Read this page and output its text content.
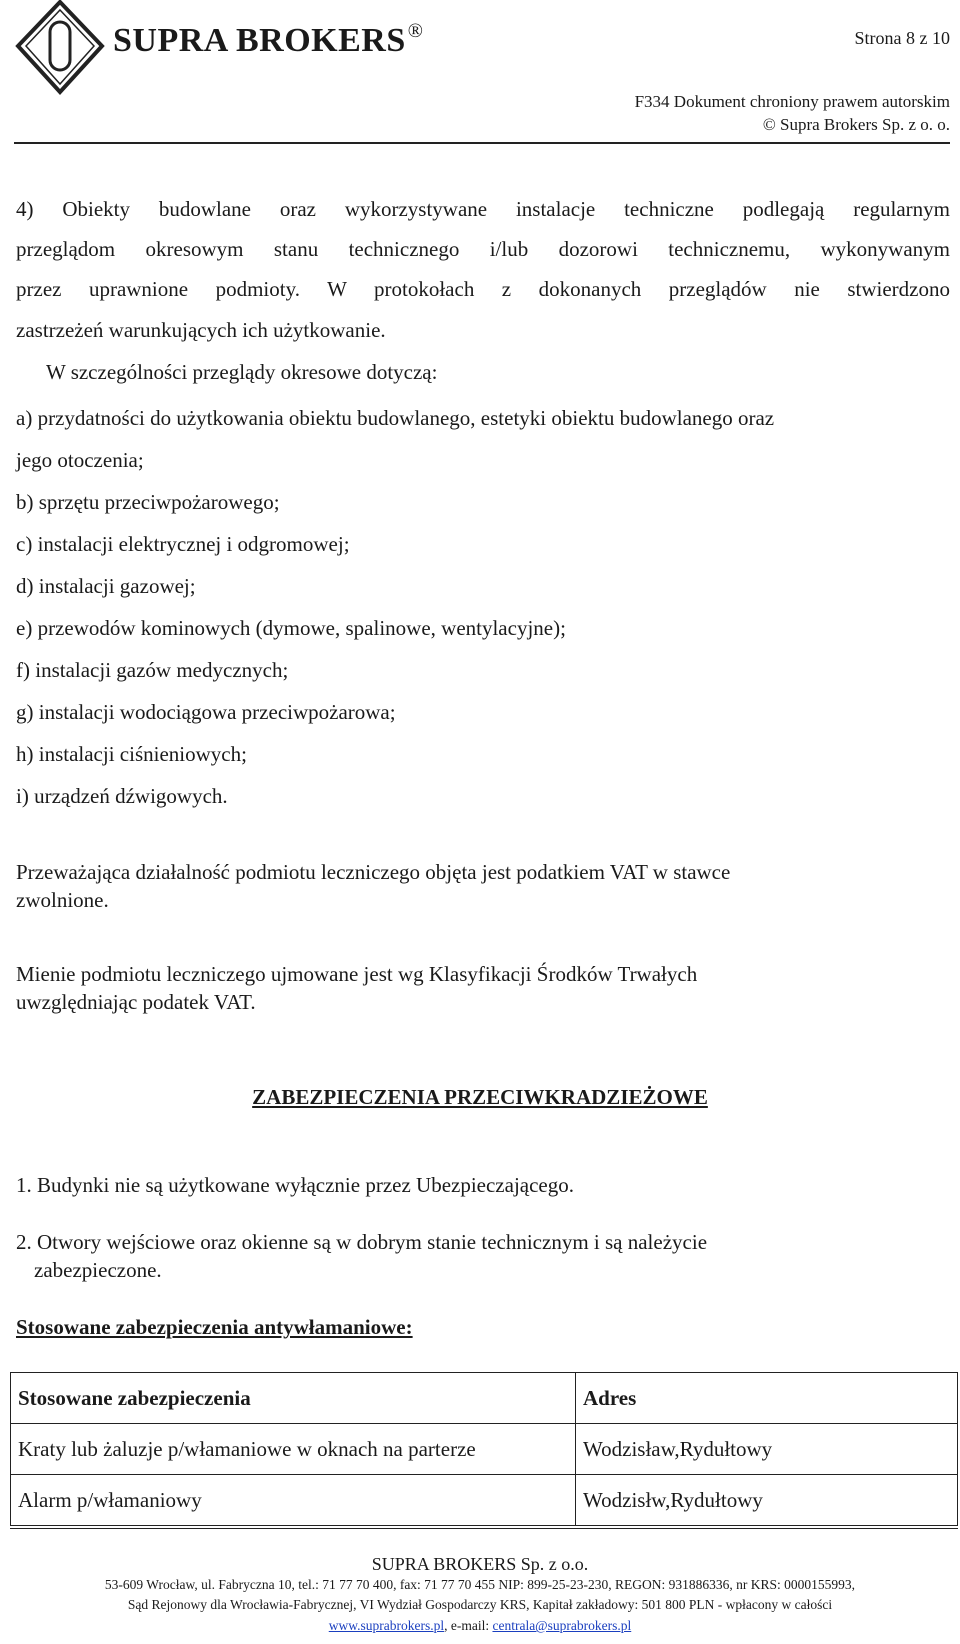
SUPRA BROKERS ®	Strona 8 z 10
F334 Dokument chroniony prawem autorskim
© Supra Brokers Sp. z o. o.
4) Obiekty budowlane oraz wykorzystywane instalacje techniczne podlegają regularnym
przeglądom okresowym stanu technicznego i/lub dozorowi technicznemu, wykonywanym
przez uprawnione podmioty. W protokołach z dokonanych przeglądów nie stwierdzono
zastrzeżeń warunkujących ich użytkowanie.
W szczególności przeglądy okresowe dotyczą:
a) przydatności do użytkowania obiektu budowlanego, estetyki obiektu budowlanego oraz
jego otoczenia;
b) sprzętu przeciwpożarowego;
c) instalacji elektrycznej i odgromowej;
d) instalacji gazowej;
e) przewodów kominowych (dymowe, spalinowe, wentylacyjne);
f) instalacji gazów medycznych;
g) instalacji wodociągowa przeciwpożarowa;
h) instalacji ciśnieniowych;
i) urządzeń dźwigowych.
Przeważająca działalność podmiotu leczniczego objęta jest podatkiem VAT w stawce
zwolnione.
Mienie podmiotu leczniczego ujmowane jest wg Klasyfikacji Środków Trwałych
uwzględniając podatek VAT.
ZABEZPIECZENIA PRZECIWKRADZIEŻOWE
1. Budynki nie są użytkowane wyłącznie przez Ubezpieczającego.
2. Otwory wejściowe oraz okienne są w dobrym stanie technicznym i są należycie
zabezpieczone.
Stosowane zabezpieczenia antywłamaniowe:
Stosowane zabezpieczenia	Adres
Kraty lub żaluzje p/włamaniowe w oknach na parterze	Wodzisław,Rydułtowy
Alarm p/włamaniowy	Wodzisłw,Rydułtowy
SUPRA BROKERS Sp. z o.o.
53-609 Wrocław, ul. Fabryczna 10, tel.: 71 77 70 400, fax: 71 77 70 455 NIP: 899-25-23-230, REGON: 931886336, nr KRS: 0000155993,
Sąd Rejonowy dla Wrocławia-Fabrycznej, VI Wydział Gospodarczy KRS, Kapitał zakładowy: 501 800 PLN - wpłacony w całości
www.suprabrokers.pl, e-mail: centrala@suprabrokers.pl
